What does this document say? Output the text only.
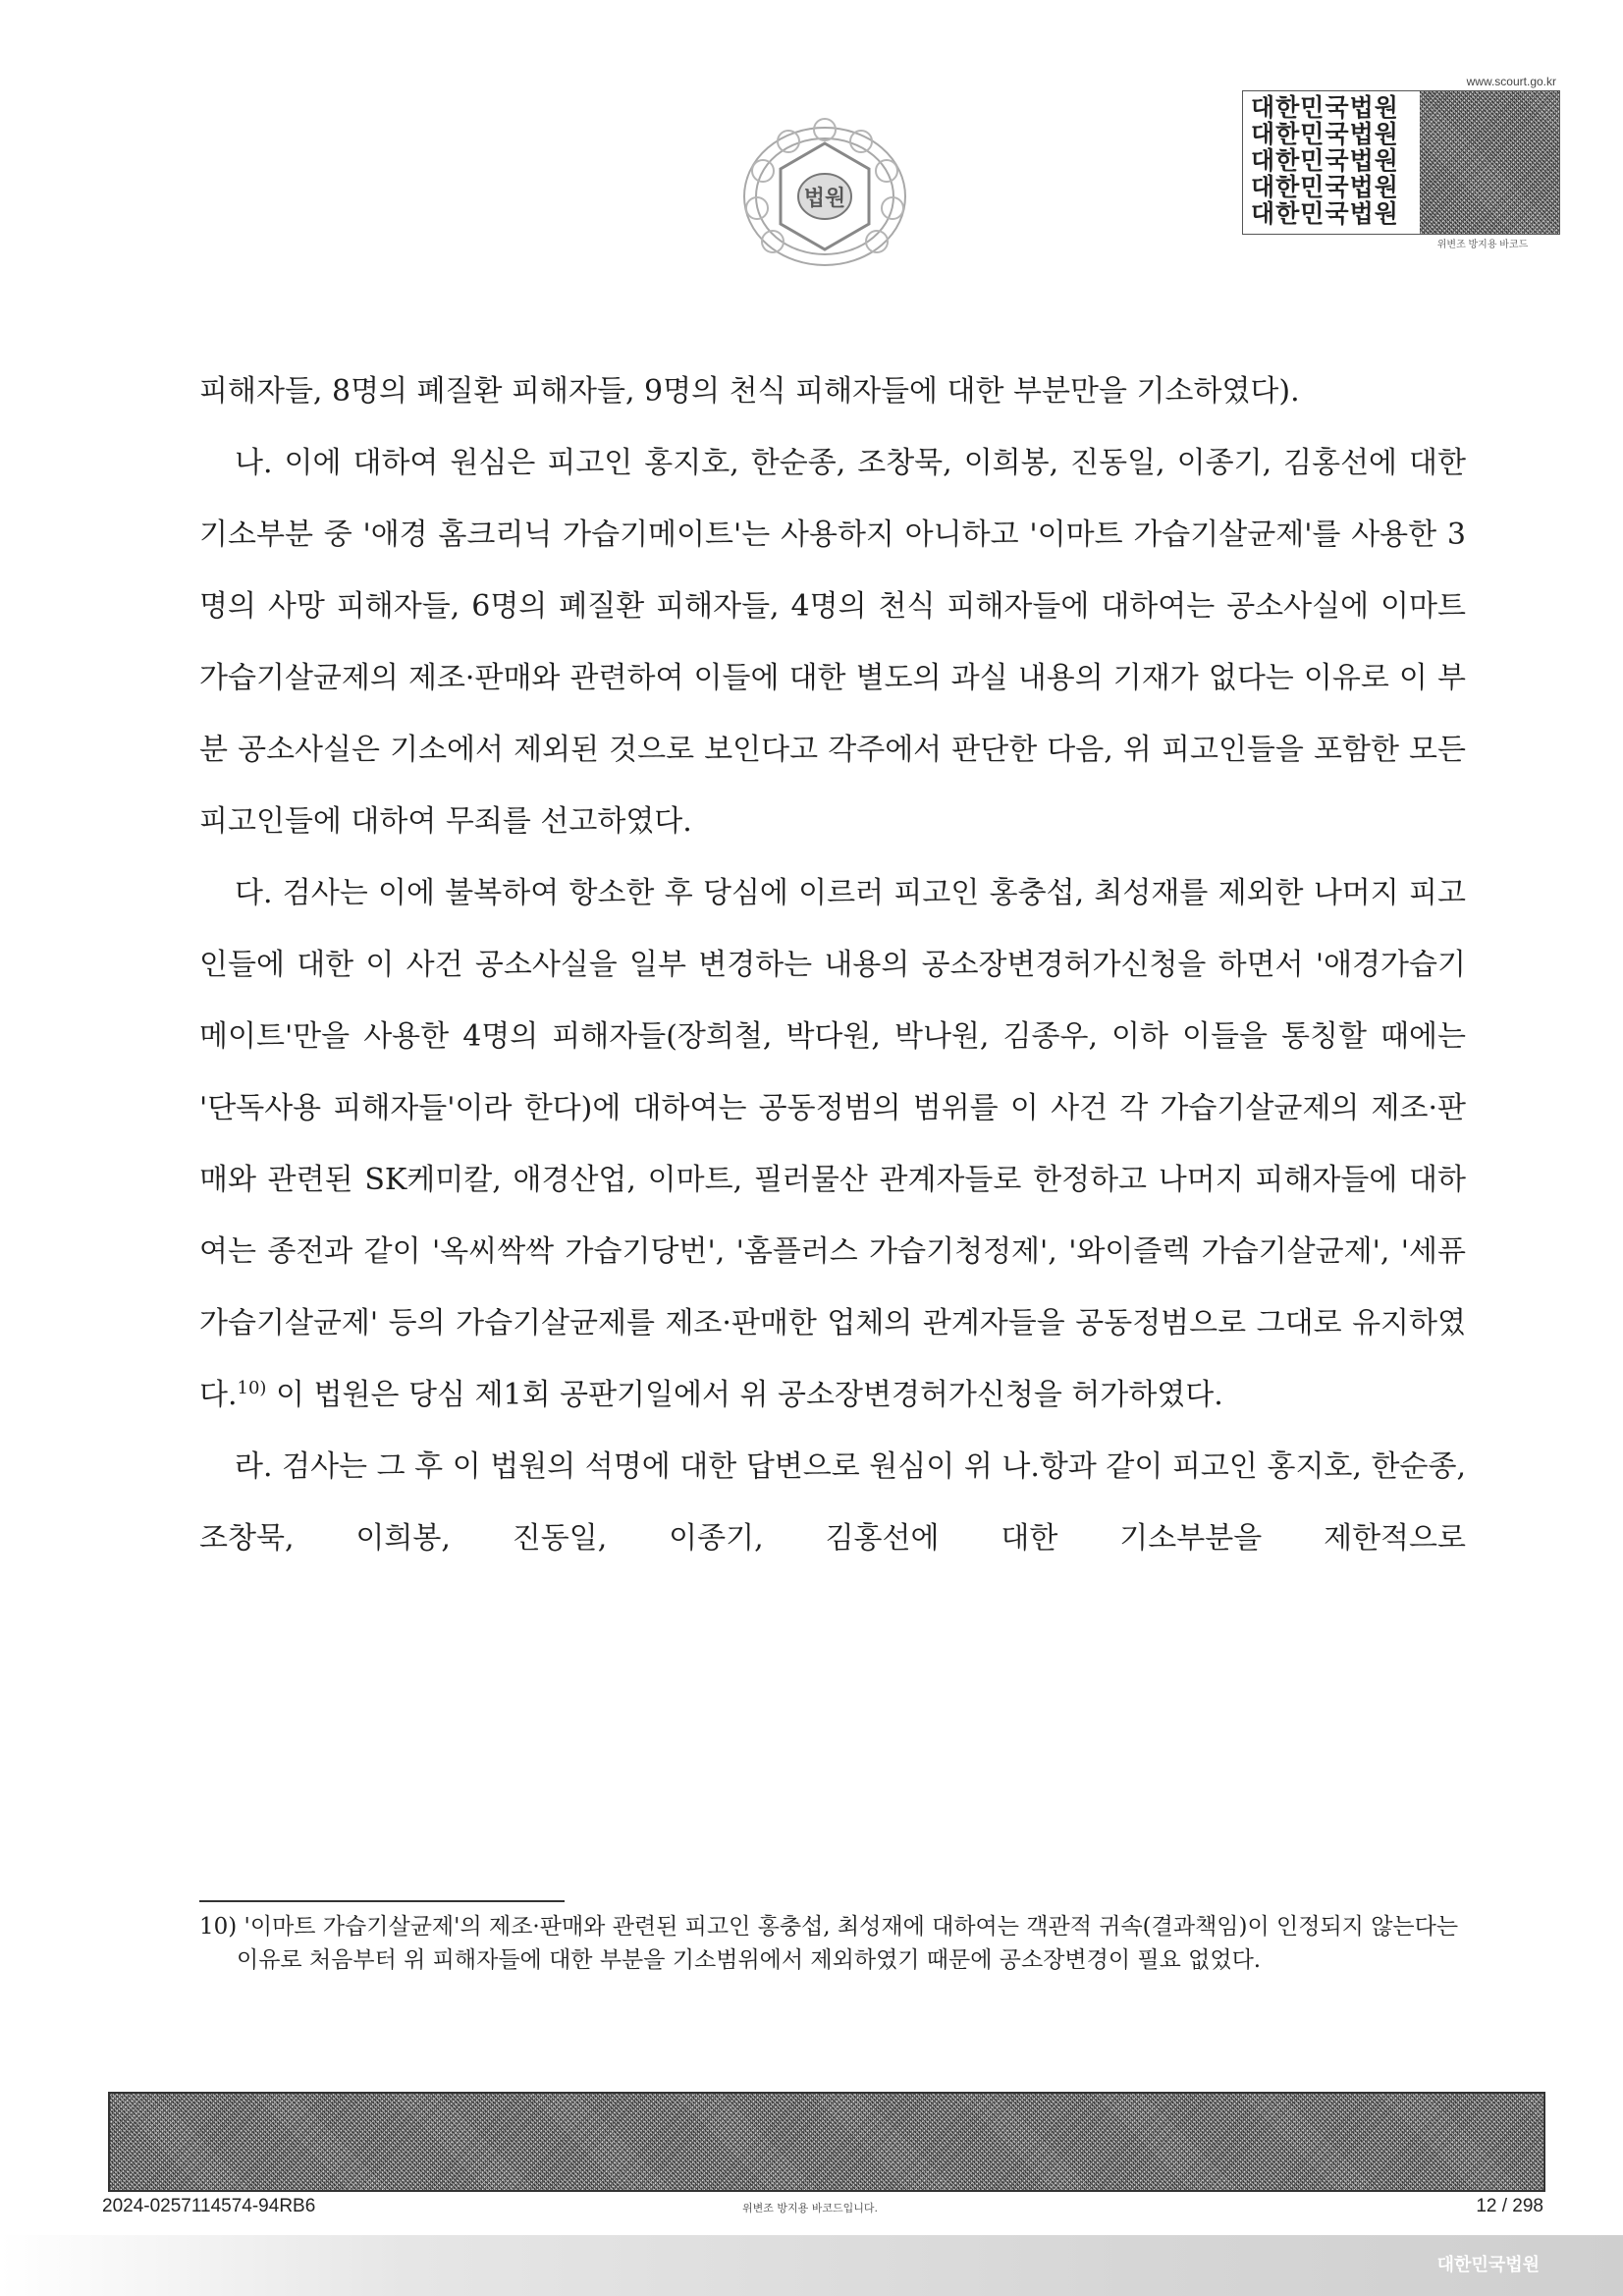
법원
www.scourt.go.kr
대한민국법원
대한민국법원
대한민국법원
대한민국법원
대한민국법원
위변조 방지용 바코드

피해자들, 8명의 폐질환 피해자들, 9명의 천식 피해자들에 대한 부분만을 기소하였다).

나. 이에 대하여 원심은 피고인 홍지호, 한순종, 조창묵, 이희봉, 진동일, 이종기, 김홍선에 대한 기소부분 중 '애경 홈크리닉 가습기메이트'는 사용하지 아니하고 '이마트 가습기살균제'를 사용한 3명의 사망 피해자들, 6명의 폐질환 피해자들, 4명의 천식 피해자들에 대하여는 공소사실에 이마트 가습기살균제의 제조·판매와 관련하여 이들에 대한 별도의 과실 내용의 기재가 없다는 이유로 이 부분 공소사실은 기소에서 제외된 것으로 보인다고 각주에서 판단한 다음, 위 피고인들을 포함한 모든 피고인들에 대하여 무죄를 선고하였다.

다. 검사는 이에 불복하여 항소한 후 당심에 이르러 피고인 홍충섭, 최성재를 제외한 나머지 피고인들에 대한 이 사건 공소사실을 일부 변경하는 내용의 공소장변경허가신청을 하면서 '애경가습기메이트'만을 사용한 4명의 피해자들(장희철, 박다원, 박나원, 김종우, 이하 이들을 통칭할 때에는 '단독사용 피해자들'이라 한다)에 대하여는 공동정범의 범위를 이 사건 각 가습기살균제의 제조·판매와 관련된 SK케미칼, 애경산업, 이마트, 필러물산 관계자들로 한정하고 나머지 피해자들에 대하여는 종전과 같이 '옥씨싹싹 가습기당번', '홈플러스 가습기청정제', '와이즐렉 가습기살균제', '세퓨가습기살균제' 등의 가습기살균제를 제조·판매한 업체의 관계자들을 공동정범으로 그대로 유지하였다.$^{10)}$ 이 법원은 당심 제1회 공판기일에서 위 공소장변경허가신청을 허가하였다.

라. 검사는 그 후 이 법원의 석명에 대한 답변으로 원심이 위 나.항과 같이 피고인 홍지호, 한순종, 조창묵, 이희봉, 진동일, 이종기, 김홍선에 대한 기소부분을 제한적으로

10) '이마트 가습기살균제'의 제조·판매와 관련된 피고인 홍충섭, 최성재에 대하여는 객관적 귀속(결과책임)이 인정되지 않는다는 이유로 처음부터 위 피해자들에 대한 부분을 기소범위에서 제외하였기 때문에 공소장변경이 필요 없었다.

2024-0257114574-94RB6	위변조 방지용 바코드입니다.	12 / 298
대한민국법원
